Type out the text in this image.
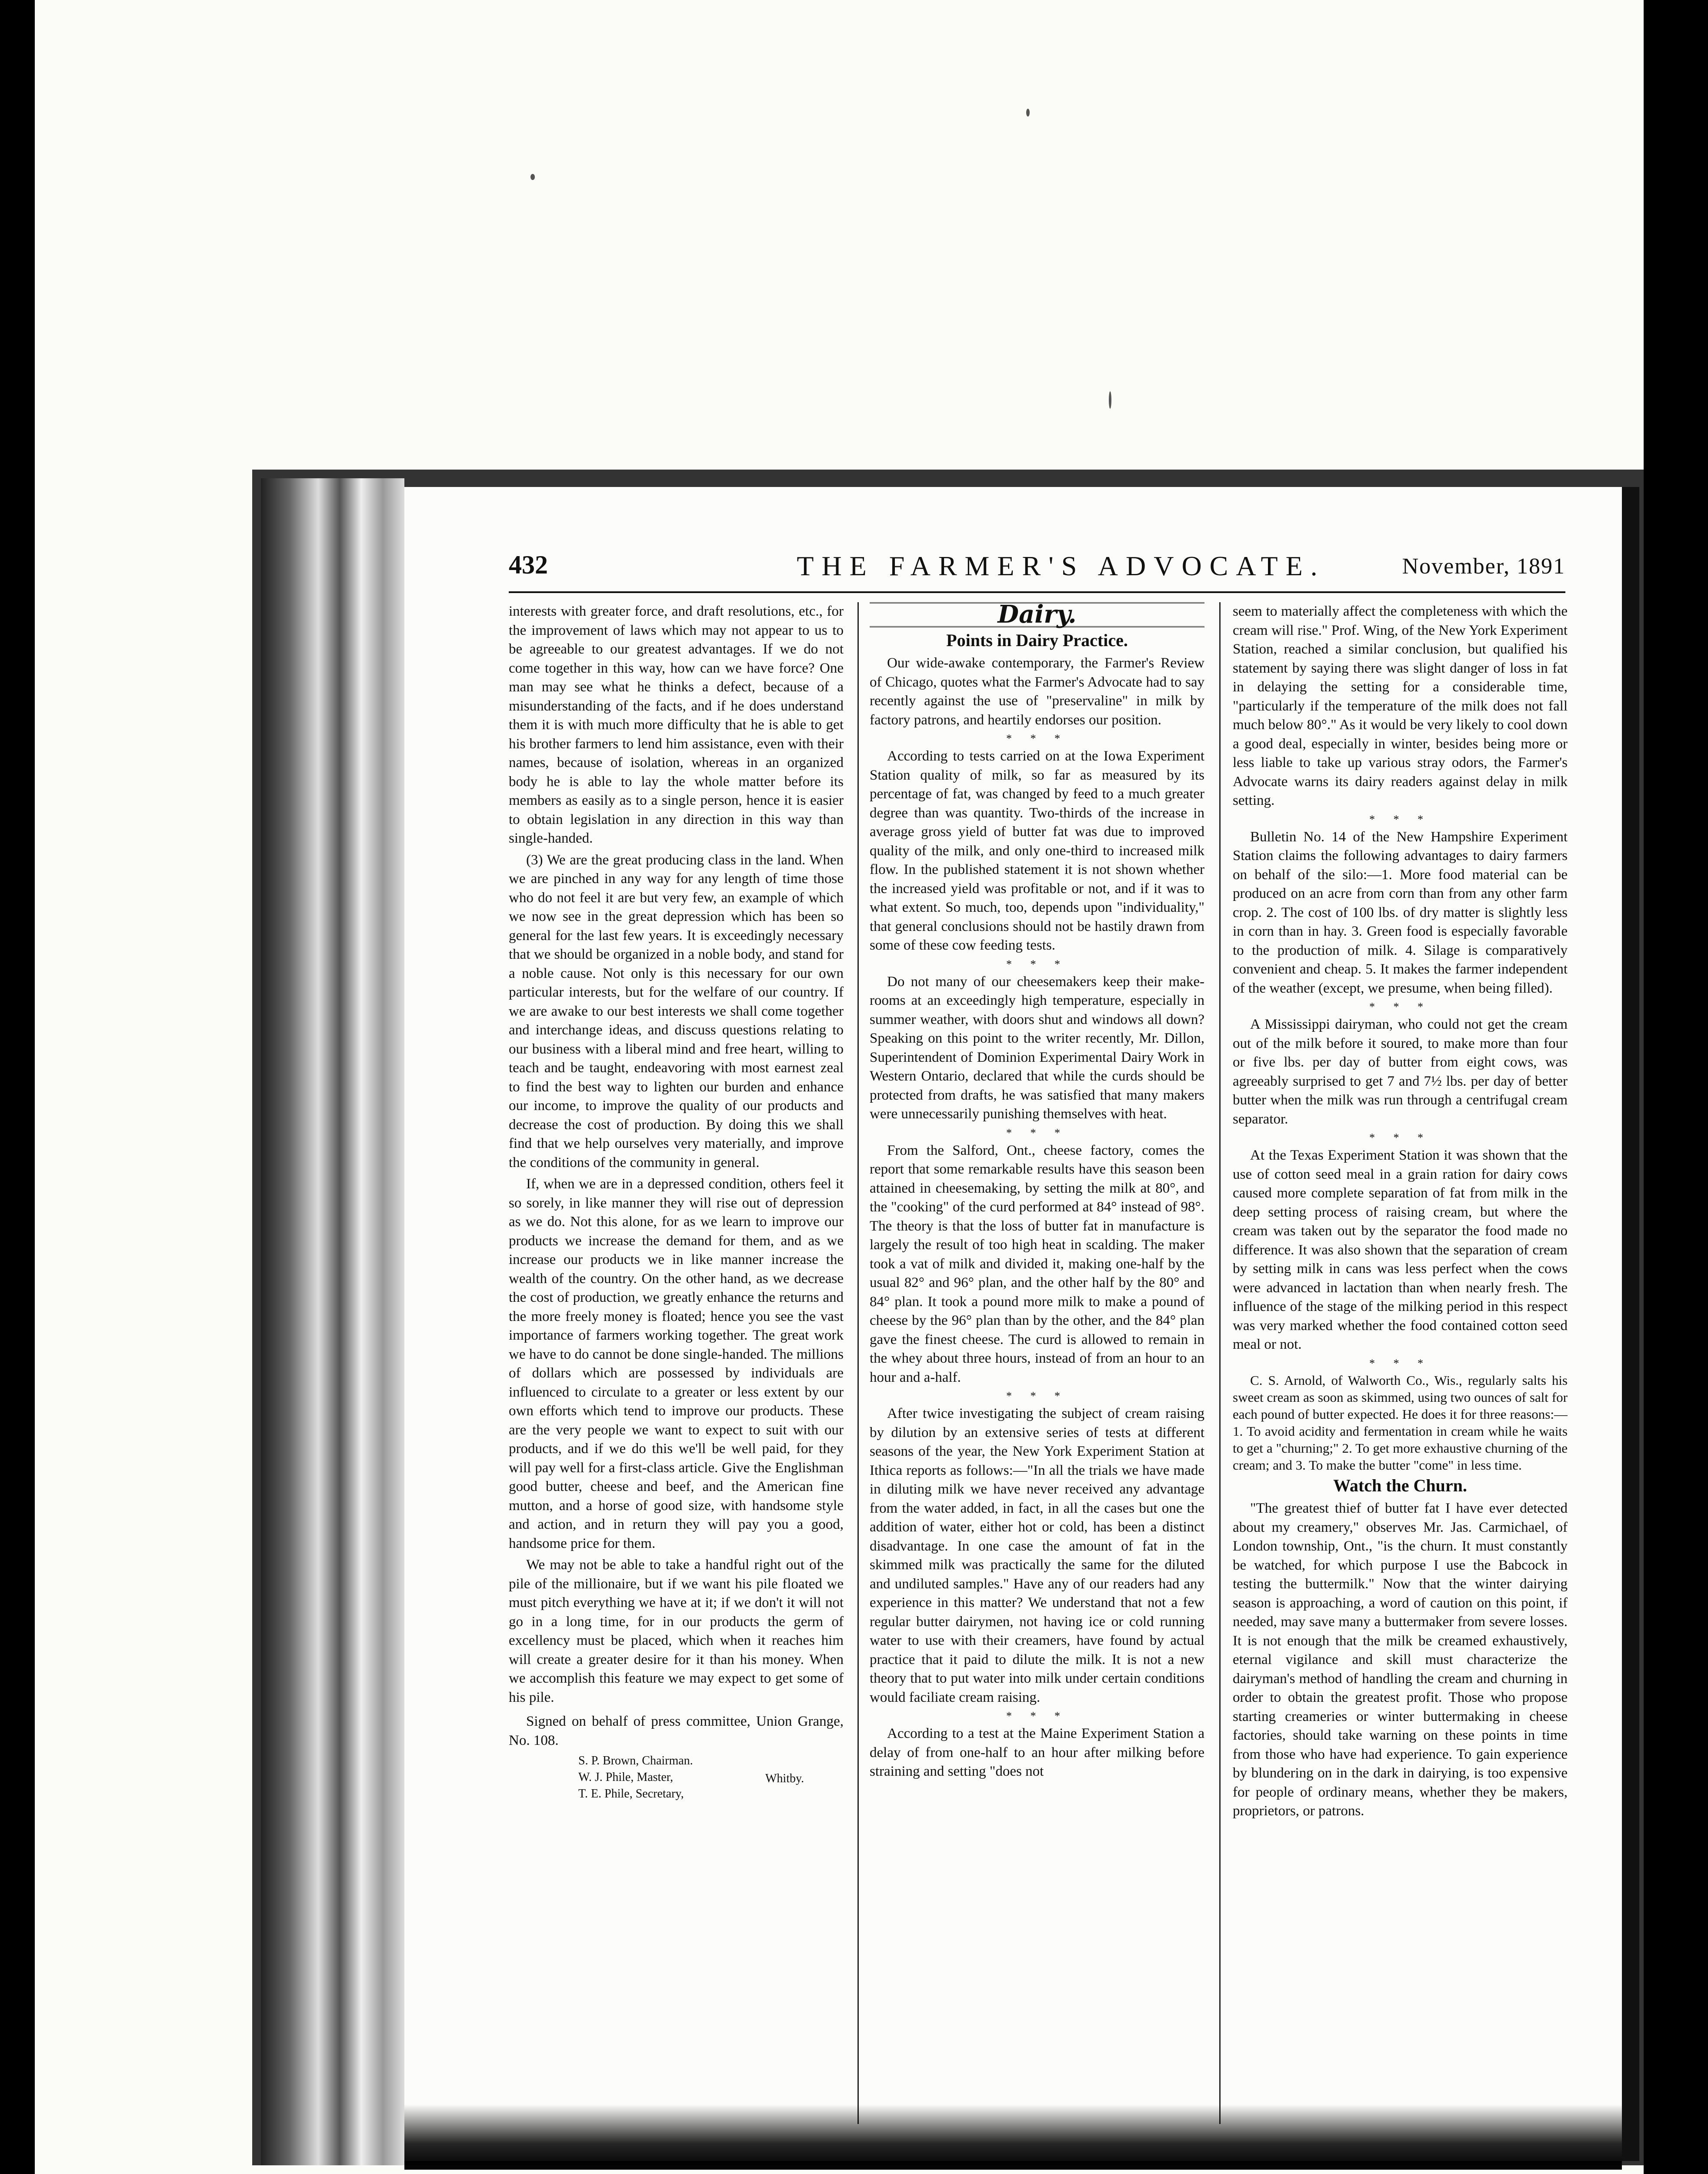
432	THE FARMER'S ADVOCATE.	November, 1891

interests with greater force, and draft resolutions, etc., for the improvement of laws which may not appear to us to be agreeable to our greatest advantages. If we do not come together in this way, how can we have force? One man may see what he thinks a defect, because of a misunderstanding of the facts, and if he does understand them it is with much more difficulty that he is able to get his brother farmers to lend him assistance, even with their names, because of isolation, whereas in an organized body he is able to lay the whole matter before its members as easily as to a single person, hence it is easier to obtain legislation in any direction in this way than single-handed.

(3) We are the great producing class in the land. When we are pinched in any way for any length of time those who do not feel it are but very few, an example of which we now see in the great depression which has been so general for the last few years. It is exceedingly necessary that we should be organized in a noble body, and stand for a noble cause. Not only is this necessary for our own particular interests, but for the welfare of our country. If we are awake to our best interests we shall come together and interchange ideas, and discuss questions relating to our business with a liberal mind and free heart, willing to teach and be taught, endeavoring with most earnest zeal to find the best way to lighten our burden and enhance our income, to improve the quality of our products and decrease the cost of production. By doing this we shall find that we help ourselves very materially, and improve the conditions of the community in general.

If, when we are in a depressed condition, others feel it so sorely, in like manner they will rise out of depression as we do. Not this alone, for as we learn to improve our products we increase the demand for them, and as we increase our products we in like manner increase the wealth of the country. On the other hand, as we decrease the cost of production, we greatly enhance the returns and the more freely money is floated; hence you see the vast importance of farmers working together. The great work we have to do cannot be done single-handed. The millions of dollars which are possessed by individuals are influenced to circulate to a greater or less extent by our own efforts which tend to improve our products. These are the very people we want to expect to suit with our products, and if we do this we'll be well paid, for they will pay well for a first-class article. Give the Englishman good butter, cheese and beef, and the American fine mutton, and a horse of good size, with handsome style and action, and in return they will pay you a good, handsome price for them.

We may not be able to take a handful right out of the pile of the millionaire, but if we want his pile floated we must pitch everything we have at it; if we don't it will not go in a long time, for in our products the germ of excellency must be placed, which when it reaches him will create a greater desire for it than his money. When we accomplish this feature we may expect to get some of his pile.

Signed on behalf of press committee, Union Grange, No. 108.

S. P. Brown, Chairman.
W. J. Phile, Master,
T. E. Phile, Secretary,
Whitby.
Dairy.
Points in Dairy Practice.

Our wide-awake contemporary, the Farmer's Review of Chicago, quotes what the Farmer's Advocate had to say recently against the use of "preservaline" in milk by factory patrons, and heartily endorses our position.

* * *

According to tests carried on at the Iowa Experiment Station quality of milk, so far as measured by its percentage of fat, was changed by feed to a much greater degree than was quantity. Two-thirds of the increase in average gross yield of butter fat was due to improved quality of the milk, and only one-third to increased milk flow. In the published statement it is not shown whether the increased yield was profitable or not, and if it was to what extent. So much, too, depends upon "individuality," that general conclusions should not be hastily drawn from some of these cow feeding tests.

* * *

Do not many of our cheesemakers keep their make-rooms at an exceedingly high temperature, especially in summer weather, with doors shut and windows all down? Speaking on this point to the writer recently, Mr. Dillon, Superintendent of Dominion Experimental Dairy Work in Western Ontario, declared that while the curds should be protected from drafts, he was satisfied that many makers were unnecessarily punishing themselves with heat.

* * *

From the Salford, Ont., cheese factory, comes the report that some remarkable results have this season been attained in cheesemaking, by setting the milk at 80°, and the "cooking" of the curd performed at 84° instead of 98°. The theory is that the loss of butter fat in manufacture is largely the result of too high heat in scalding. The maker took a vat of milk and divided it, making one-half by the usual 82° and 96° plan, and the other half by the 80° and 84° plan. It took a pound more milk to make a pound of cheese by the 96° plan than by the other, and the 84° plan gave the finest cheese. The curd is allowed to remain in the whey about three hours, instead of from an hour to an hour and a-half.

* * *

After twice investigating the subject of cream raising by dilution by an extensive series of tests at different seasons of the year, the New York Experiment Station at Ithica reports as follows:—"In all the trials we have made in diluting milk we have never received any advantage from the water added, in fact, in all the cases but one the addition of water, either hot or cold, has been a distinct disadvantage. In one case the amount of fat in the skimmed milk was practically the same for the diluted and undiluted samples." Have any of our readers had any experience in this matter? We understand that not a few regular butter dairymen, not having ice or cold running water to use with their creamers, have found by actual practice that it paid to dilute the milk. It is not a new theory that to put water into milk under certain conditions would faciliate cream raising.

* * *

According to a test at the Maine Experiment Station a delay of from one-half to an hour after milking before straining and setting "does not

seem to materially affect the completeness with which the cream will rise." Prof. Wing, of the New York Experiment Station, reached a similar conclusion, but qualified his statement by saying there was slight danger of loss in fat in delaying the setting for a considerable time, "particularly if the temperature of the milk does not fall much below 80°." As it would be very likely to cool down a good deal, especially in winter, besides being more or less liable to take up various stray odors, the Farmer's Advocate warns its dairy readers against delay in milk setting.

* * *

Bulletin No. 14 of the New Hampshire Experiment Station claims the following advantages to dairy farmers on behalf of the silo:—1. More food material can be produced on an acre from corn than from any other farm crop. 2. The cost of 100 lbs. of dry matter is slightly less in corn than in hay. 3. Green food is especially favorable to the production of milk. 4. Silage is comparatively convenient and cheap. 5. It makes the farmer independent of the weather (except, we presume, when being filled).

* * *

A Mississippi dairyman, who could not get the cream out of the milk before it soured, to make more than four or five lbs. per day of butter from eight cows, was agreeably surprised to get 7 and 7½ lbs. per day of better butter when the milk was run through a centrifugal cream separator.

* * *

At the Texas Experiment Station it was shown that the use of cotton seed meal in a grain ration for dairy cows caused more complete separation of fat from milk in the deep setting process of raising cream, but where the cream was taken out by the separator the food made no difference. It was also shown that the separation of cream by setting milk in cans was less perfect when the cows were advanced in lactation than when nearly fresh. The influence of the stage of the milking period in this respect was very marked whether the food contained cotton seed meal or not.

* * *

C. S. Arnold, of Walworth Co., Wis., regularly salts his sweet cream as soon as skimmed, using two ounces of salt for each pound of butter expected. He does it for three reasons:—1. To avoid acidity and fermentation in cream while he waits to get a "churning;" 2. To get more exhaustive churning of the cream; and 3. To make the butter "come" in less time.

Watch the Churn.

"The greatest thief of butter fat I have ever detected about my creamery," observes Mr. Jas. Carmichael, of London township, Ont., "is the churn. It must constantly be watched, for which purpose I use the Babcock in testing the buttermilk." Now that the winter dairying season is approaching, a word of caution on this point, if needed, may save many a buttermaker from severe losses. It is not enough that the milk be creamed exhaustively, eternal vigilance and skill must characterize the dairyman's method of handling the cream and churning in order to obtain the greatest profit. Those who propose starting creameries or winter buttermaking in cheese factories, should take warning on these points in time from those who have had experience. To gain experience by blundering on in the dark in dairying, is too expensive for people of ordinary means, whether they be makers, proprietors, or patrons.
